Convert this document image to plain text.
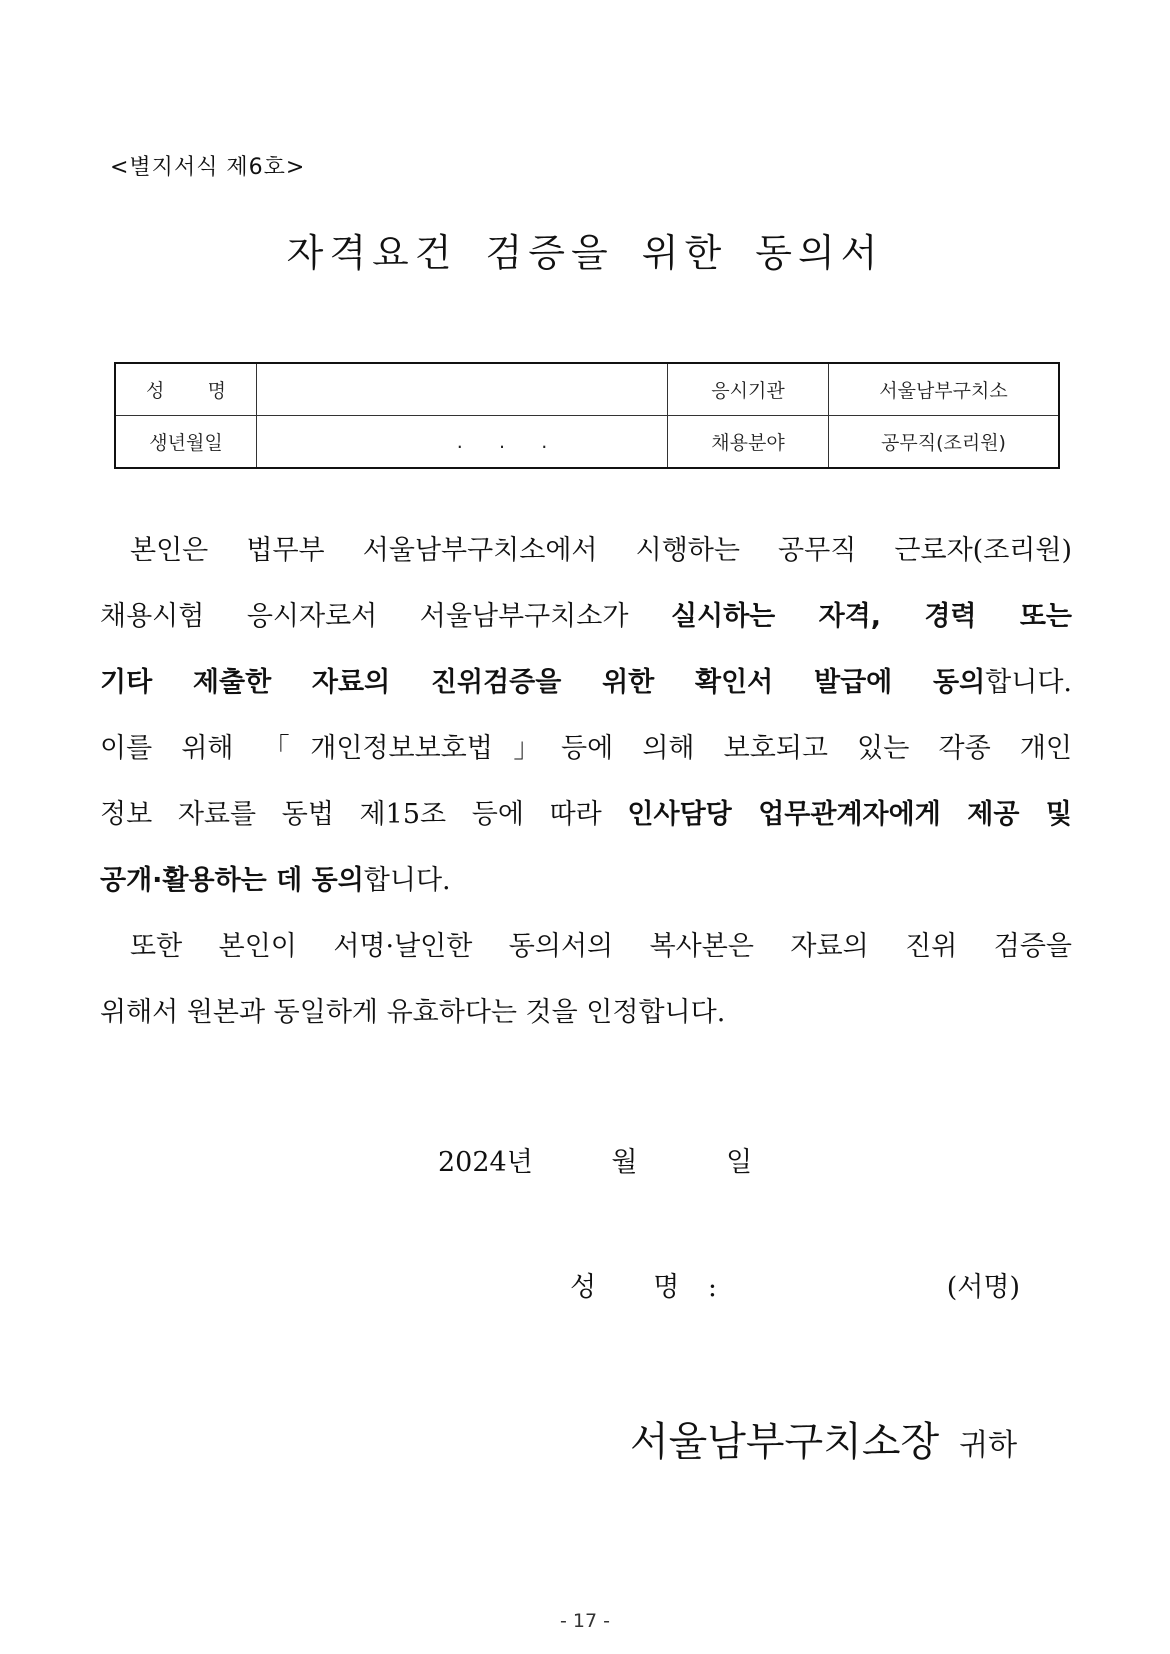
<별지서식 제6호>
자격요건 검증을 위한 동의서
성 명		응시기관	서울남부구치소
생년월일	.      .      .	채용분야	공무직(조리원)
본인은 법무부 서울남부구치소에서 시행하는 공무직 근로자(조리원)
채용시험 응시자로서 서울남부구치소가 실시하는 자격, 경력 또는
기타 제출한 자료의 진위검증을 위한 확인서 발급에 동의합니다.
이를 위해 「개인정보보호법」등에 의해 보호되고 있는 각종 개인
정보 자료를 동법 제15조 등에 따라 인사담당 업무관계자에게 제공 및
공개·활용하는 데 동의합니다.
또한 본인이 서명·날인한 동의서의 복사본은 자료의 진위 검증을
위해서 원본과 동일하게 유효하다는 것을 인정합니다.
2024년	월	일
성  명 :	(서명)
서울남부구치소장 귀하
- 17 -
